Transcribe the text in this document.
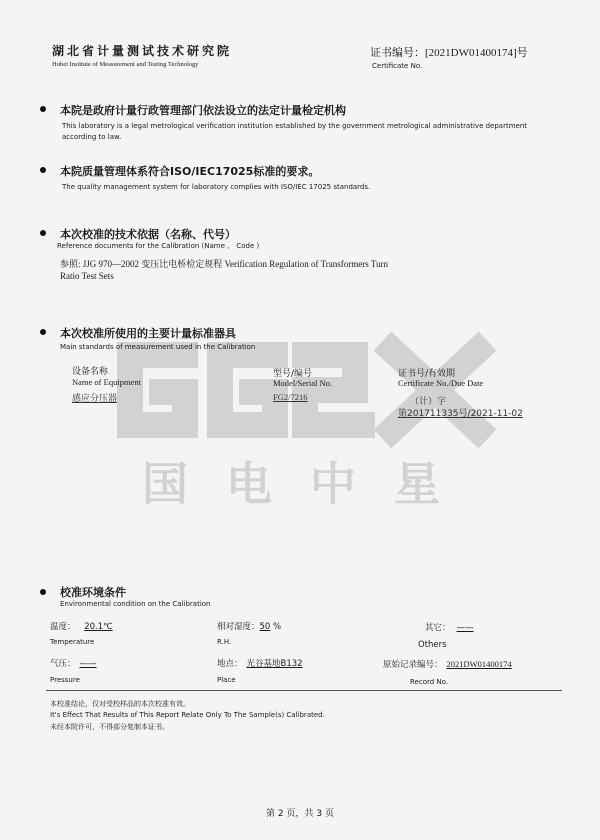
湖北省计量测试技术研究院
Hubei Institute of Measurement and Testing Technology
证书编号：[2021DW01400174]号
Certificate No.
国电中星
本院是政府计量行政管理部门依法设立的法定计量检定机构
This laboratory is a legal metrological verification institution established by the government metrological administrative department
according to law.
本院质量管理体系符合ISO/IEC17025标准的要求。
The quality management system for laboratory complies with ISO/IEC 17025 standards.
本次校准的技术依据（名称、代号）
Reference documents for the Calibration (Name 、 Code )
参照: JJG 970—2002 变压比电桥检定规程 Verification Regulation of Transformers Turn
Ratio Test Sets
本次校准所使用的主要计量标准器具
Main standards of measurement used in the Calibration
设备名称
Name of Equipment
感应分压器
型号/编号
Model/Serial No.
FG2/7216
证书号/有效期
Certificate No./Due Date
（计）字
第201711335号/2021-11-02
校准环境条件
Environmental condition on the Calibration
温度： 20.1℃
Temperature
相对湿度：50 %
R.H.
其它： ——
Others
气压： ——
Pressure
地点： 光谷基地B132
Place
原始记录编号： 2021DW01400174
Record No.
本校准结论，仅对受校样品的本次校准有效。
It's Effect That Results of This Report Relate Only To The Sample(s) Calibrated.
未经本院许可，不得部分复制本证书。
第 2 页，共 3 页
